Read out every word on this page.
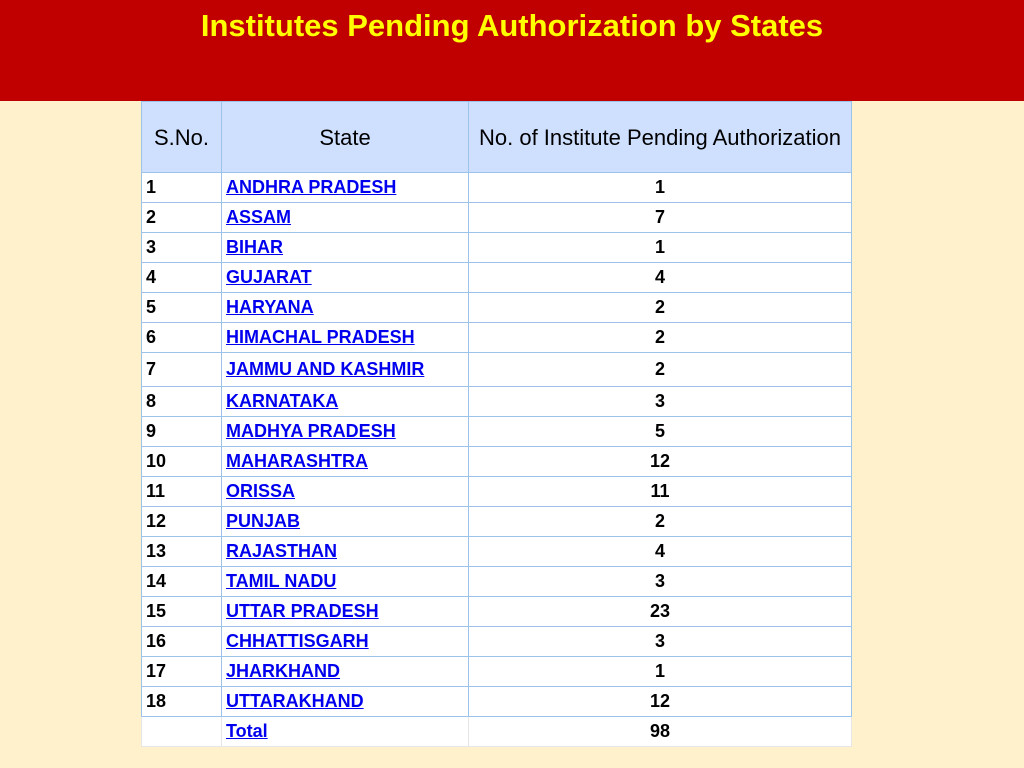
Institutes Pending Authorization by States
S.No.	State	No. of Institute Pending Authorization
1	ANDHRA PRADESH	1
2	ASSAM	7
3	BIHAR	1
4	GUJARAT	4
5	HARYANA	2
6	HIMACHAL PRADESH	2
7	JAMMU AND KASHMIR	2
8	KARNATAKA	3
9	MADHYA PRADESH	5
10	MAHARASHTRA	12
11	ORISSA	11
12	PUNJAB	2
13	RAJASTHAN	4
14	TAMIL NADU	3
15	UTTAR PRADESH	23
16	CHHATTISGARH	3
17	JHARKHAND	1
18	UTTARAKHAND	12
	Total	98
